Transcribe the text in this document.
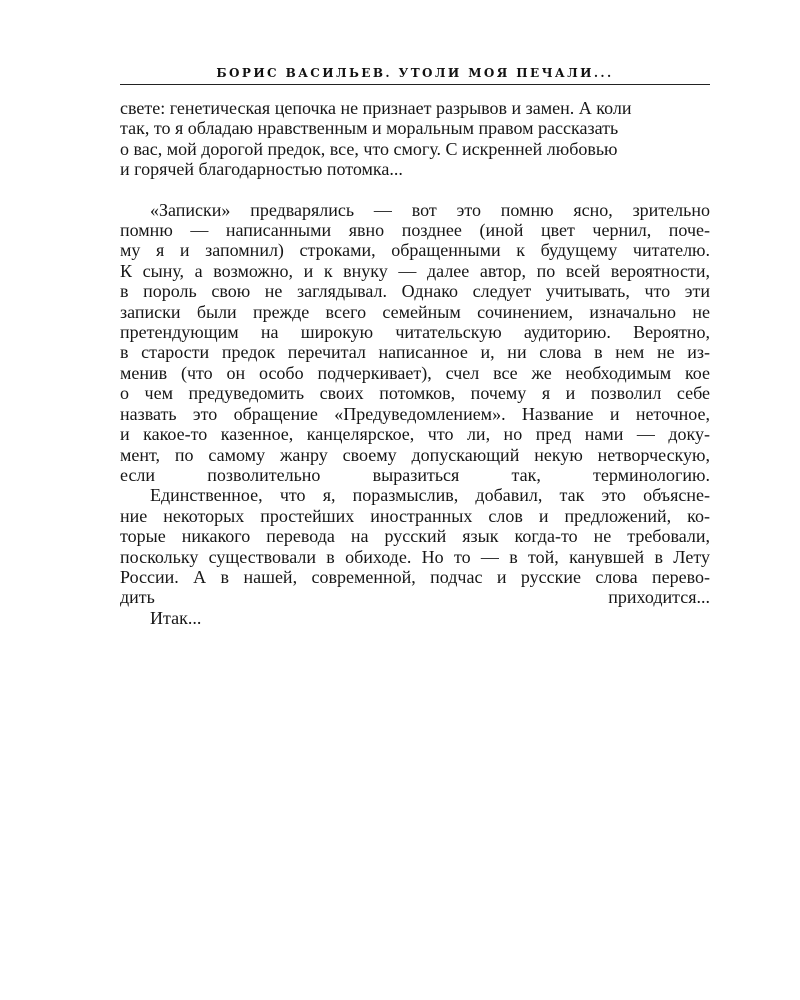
БОРИС ВАСИЛЬЕВ. УТОЛИ МОЯ ПЕЧАЛИ...

свете: генетическая цепочка не признает разрывов и замен. А коли
так, то я обладаю нравственным и моральным правом рассказать
о вас, мой дорогой предок, все, что смогу. С искренней любовью
и горячей благодарностью потомка...

«Записки» предварялись — вот это помню ясно, зрительно
помню — написанными явно позднее (иной цвет чернил, поче-
му я и запомнил) строками, обращенными к будущему читателю.
К сыну, а возможно, и к внуку — далее автор, по всей вероятности,
в пороль свою не заглядывал. Однако следует учитывать, что эти
записки были прежде всего семейным сочинением, изначально не
претендующим на широкую читательскую аудиторию. Вероятно,
в старости предок перечитал написанное и, ни слова в нем не из-
менив (что он особо подчеркивает), счел все же необходимым кое
о чем предуведомить своих потомков, почему я и позволил себе
назвать это обращение «Предуведомлением». Название и неточное,
и какое-то казенное, канцелярское, что ли, но пред нами — доку-
мент, по самому жанру своему допускающий некую нетворческую,
если позволительно выразиться так, терминологию.

Единственное, что я, поразмыслив, добавил, так это объясне-
ние некоторых простейших иностранных слов и предложений, ко-
торые никакого перевода на русский язык когда-то не требовали,
поскольку существовали в обиходе. Но то — в той, канувшей в Лету
России. А в нашей, современной, подчас и русские слова перево-
дить приходится...

Итак...
